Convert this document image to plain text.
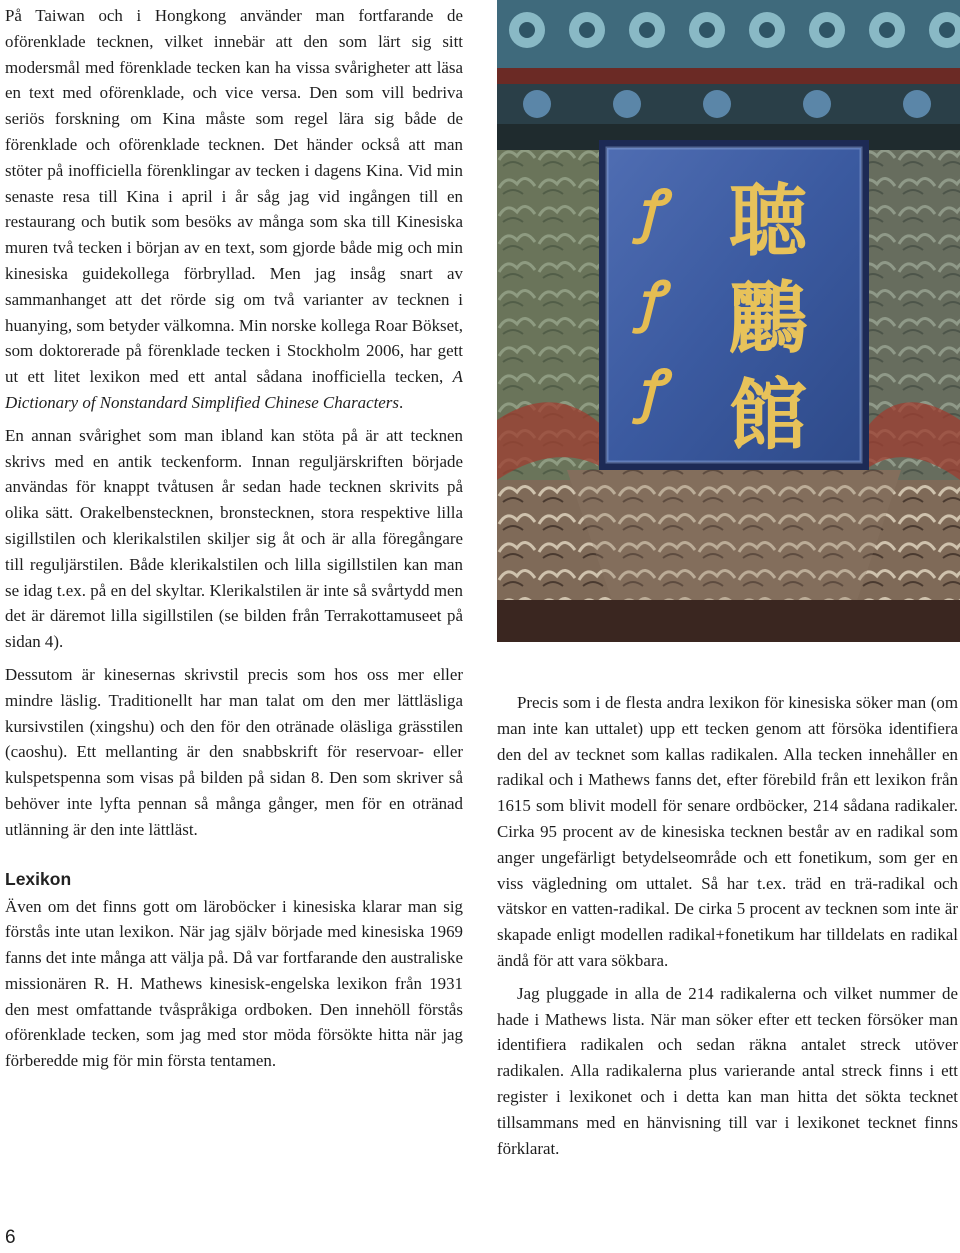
På Taiwan och i Hongkong använder man fortfarande de oförenklade tecknen, vilket innebär att den som lärt sig sitt modersmål med förenklade tecken kan ha vissa svårigheter att läsa en text med oförenklade, och vice versa. Den som vill bedriva seriös forskning om Kina måste som regel lära sig både de förenklade och oförenklade tecknen. Det händer också att man stöter på inofficiella förenklingar av tecken i dagens Kina. Vid min senaste resa till Kina i april i år såg jag vid ingången till en restaurang och butik som besöks av många som ska till Kinesiska muren två tecken i början av en text, som gjorde både mig och min kinesiska guidekollega förbryllad. Men jag insåg snart av sammanhanget att det rörde sig om två varianter av tecknen i huanying, som betyder välkomna. Min norske kollega Roar Bökset, som doktorerade på förenklade tecken i Stockholm 2006, har gett ut ett litet lexikon med ett antal sådana inofficiella tecken, A Dictionary of Nonstandard Simplified Chinese Characters.

En annan svårighet som man ibland kan stöta på är att tecknen skrivs med en antik teckenform. Innan reguljärskriften började användas för knappt tvåtusen år sedan hade tecknen skrivits på olika sätt. Orakelbenstecknen, bronstecknen, stora respektive lilla sigillstilen och klerikalstilen skiljer sig åt och är alla föregångare till reguljärstilen. Både klerikalstilen och lilla sigillstilen kan man se idag t.ex. på en del skyltar. Klerikalstilen är inte så svårtydd men det är däremot lilla sigillstilen (se bilden från Terrakottamuseet på sidan 4).

Dessutom är kinesernas skrivstil precis som hos oss mer eller mindre läslig. Traditionellt har man talat om den mer lättläsliga kursivstilen (xingshu) och den för den otränade oläsliga grässtilen (caoshu). Ett mellanting är den snabbskrift för reservoar- eller kulspetspenna som visas på bilden på sidan 8. Den som skriver så behöver inte lyfta pennan så många gånger, men för en otränad utlänning är den inte lättläst.

Lexikon

Även om det finns gott om läroböcker i kinesiska klarar man sig förstås inte utan lexikon. När jag själv började med kinesiska 1969 fanns det inte många att välja på. Då var fortfarande den australiske missionären R. H. Mathews kinesisk-engelska lexikon från 1931 den mest omfattande tvåspråkiga ordboken. Den innehöll förstås oförenklade tecken, som jag med stor möda försökte hitta när jag förberedde mig för min första tentamen.

ꝭ
ꝭ
ꝭ
聴
鸝
館

Precis som i de flesta andra lexikon för kinesiska söker man (om man inte kan uttalet) upp ett tecken genom att försöka identifiera den del av tecknet som kallas radikalen. Alla tecken innehåller en radikal och i Mathews fanns det, efter förebild från ett lexikon från 1615 som blivit modell för senare ordböcker, 214 sådana radikaler. Cirka 95 procent av de kinesiska tecknen består av en radikal som anger ungefärligt betydelseområde och ett fonetikum, som ger en viss vägledning om uttalet. Så har t.ex. träd en trä-radikal och vätskor en vatten-radikal. De cirka 5 procent av tecknen som inte är skapade enligt modellen radikal+fonetikum har tilldelats en radikal ändå för att vara sökbara.

Jag pluggade in alla de 214 radikalerna och vilket nummer de hade i Mathews lista. När man söker efter ett tecken försöker man identifiera radikalen och sedan räkna antalet streck utöver radikalen. Alla radikalerna plus varierande antal streck finns i ett register i lexikonet och i detta kan man hitta det sökta tecknet tillsammans med en hänvisning till var i lexikonet tecknet finns förklarat.

6
